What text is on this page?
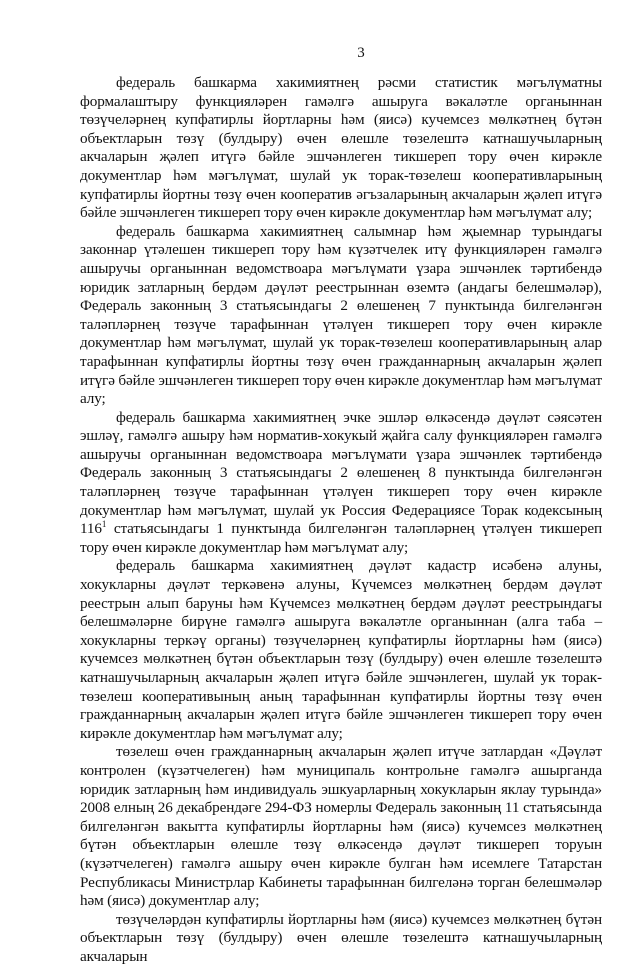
3

федераль башкарма хакимиятнең рәсми статистик мәгълүматны формалаштыру функцияләрен гамәлгә ашыруга вәкаләтле органыннан төзүчеләрнең купфатирлы йортларны һәм (яисә) кучемсез мөлкәтнең бүтән объектларын төзү (булдыру) өчен өлешле төзелештә катнашучыларның акчаларын җәлеп итүгә бәйле эшчәнлеген тикшереп тору өчен кирәкле документлар һәм мәгълүмат, шулай ук торак-төзелеш кооперативларының купфатирлы йортны төзү өчен кооператив әгъзаларының акчаларын җәлеп итүгә бәйле эшчәнлеген тикшереп тору өчен кирәкле документлар һәм мәгълүмат алу;

федераль башкарма хакимиятнең салымнар һәм җыемнар турындагы законнар үтәлешен тикшереп тору һәм күзәтчелек итү функцияләрен гамәлгә ашыручы органыннан ведомствоара мәгълүмати үзара эшчәнлек тәртибендә юридик затларның бердәм дәүләт реестрыннан өземтә (андагы белешмәләр), Федераль законның 3 статьясындагы 2 өлешенең 7 пунктында билгеләнгән таләпләрнең төзүче тарафыннан үтәлүен тикшереп тору өчен кирәкле документлар һәм мәгълүмат, шулай ук торак-төзелеш кооперативларының алар тарафыннан купфатирлы йортны төзү өчен гражданнарның акчаларын җәлеп итүгә бәйле эшчәнлеген тикшереп тору өчен кирәкле документлар һәм мәгълүмат алу;

федераль башкарма хакимиятнең эчке эшләр өлкәсендә дәүләт сәясәтен эшләү, гамәлгә ашыру һәм норматив-хокукый җайга салу функцияләрен гамәлгә ашыручы органыннан ведомствоара мәгълүмати үзара эшчәнлек тәртибендә Федераль законның 3 статьясындагы 2 өлешенең 8 пунктында билгеләнгән таләпләрнең төзүче тарафыннан үтәлүен тикшереп тору өчен кирәкле документлар һәм мәгълүмат, шулай ук Россия Федерациясе Торак кодексының $116^1$ статьясындагы 1 пунктында билгеләнгән таләпләрнең үтәлүен тикшереп тору өчен кирәкле документлар һәм мәгълүмат алу;

федераль башкарма хакимиятнең дәүләт кадастр исәбенә алуны, хокукларны дәүләт теркәвенә алуны, Күчемсез мөлкәтнең бердәм дәүләт реестрын алып баруны һәм Күчемсез мөлкәтнең бердәм дәүләт реестрындагы белешмәләрне бирүне гамәлгә ашыруга вәкаләтле органыннан (алга таба – хокукларны теркәү органы) төзүчеләрнең купфатирлы йортларны һәм (яисә) кучемсез мөлкәтнең бүтән объектларын төзү (булдыру) өчен өлешле төзелештә катнашучыларның акчаларын җәлеп итүгә бәйле эшчәнлеген, шулай ук торак-төзелеш кооперативының аның тарафыннан купфатирлы йортны төзү өчен гражданнарның акчаларын җәлеп итүгә бәйле эшчәнлеген тикшереп тору өчен кирәкле документлар һәм мәгълүмат алу;

төзелеш өчен гражданнарның акчаларын җәлеп итүче затлардан «Дәүләт контролен (күзәтчелеген) һәм муниципаль контрольне гамәлгә ашырганда юридик затларның һәм индивидуаль эшкуарларның хокукларын яклау турында» 2008 елның 26 декабрендәге 294-ФЗ номерлы Федераль законның 11 статьясында билгеләнгән вакытта купфатирлы йортларны һәм (яисә) кучемсез мөлкәтнең бүтән объектларын өлешле төзү өлкәсендә дәүләт тикшереп торуын (күзәтчелеген) гамәлгә ашыру өчен кирәкле булган һәм исемлеге Татарстан Республикасы Министрлар Кабинеты тарафыннан билгеләнә торган белешмәләр һәм (яисә) документлар алу;

төзүчеләрдән купфатирлы йортларны һәм (яисә) кучемсез мөлкәтнең бүтән объектларын төзү (булдыру) өчен өлешле төзелештә катнашучыларның акчаларын
